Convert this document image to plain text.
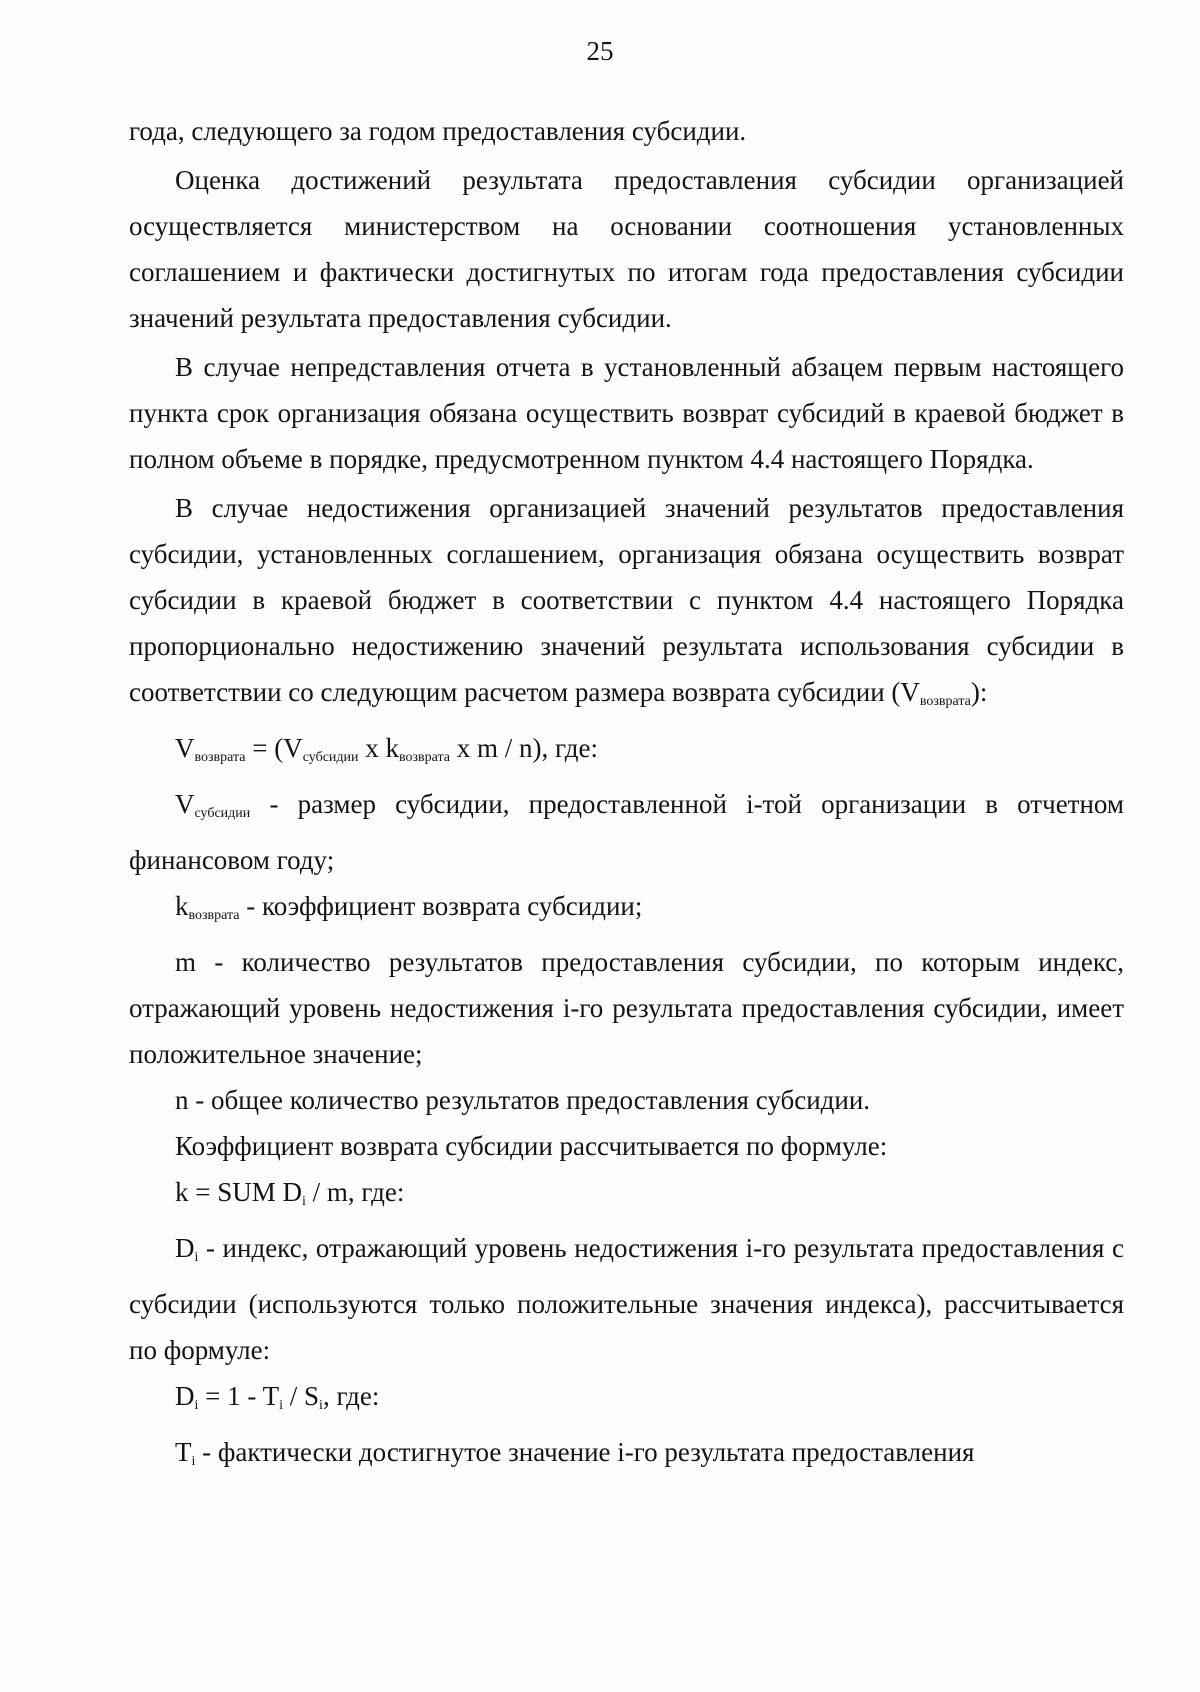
25

года, следующего за годом предоставления субсидии.

Оценка достижений результата предоставления субсидии организацией осуществляется министерством на основании соотношения установленных соглашением и фактически достигнутых по итогам года предоставления субсидии значений результата предоставления субсидии.

В случае непредставления отчета в установленный абзацем первым настоящего пункта срок организация обязана осуществить возврат субсидий в краевой бюджет в полном объеме в порядке, предусмотренном пунктом 4.4 настоящего Порядка.

В случае недостижения организацией значений результатов предоставления субсидии, установленных соглашением, организация обязана осуществить возврат субсидии в краевой бюджет в соответствии с пунктом 4.4 настоящего Порядка пропорционально недостижению значений результата использования субсидии в соответствии со следующим расчетом размера возврата субсидии $(V_{возврата})$:

$V_{возврата} = (V_{субсидии}$ x $k_{возврата}$ x m / n), где:

$V_{субсидии}$ - размер субсидии, предоставленной i-той организации в отчетном финансовом году;

$k_{возврата}$ - коэффициент возврата субсидии;

m - количество результатов предоставления субсидии, по которым индекс, отражающий уровень недостижения i-го результата предоставления субсидии, имеет положительное значение;

n - общее количество результатов предоставления субсидии.

Коэффициент возврата субсидии рассчитывается по формуле:

k = SUM $D_i$ / m, где:

$D_i$ - индекс, отражающий уровень недостижения i-го результата предоставления с субсидии (используются только положительные значения индекса), рассчитывается по формуле:

$D_i = 1 - T_i / S_i$, где:

$T_i$ - фактически достигнутое значение i-го результата предоставления
